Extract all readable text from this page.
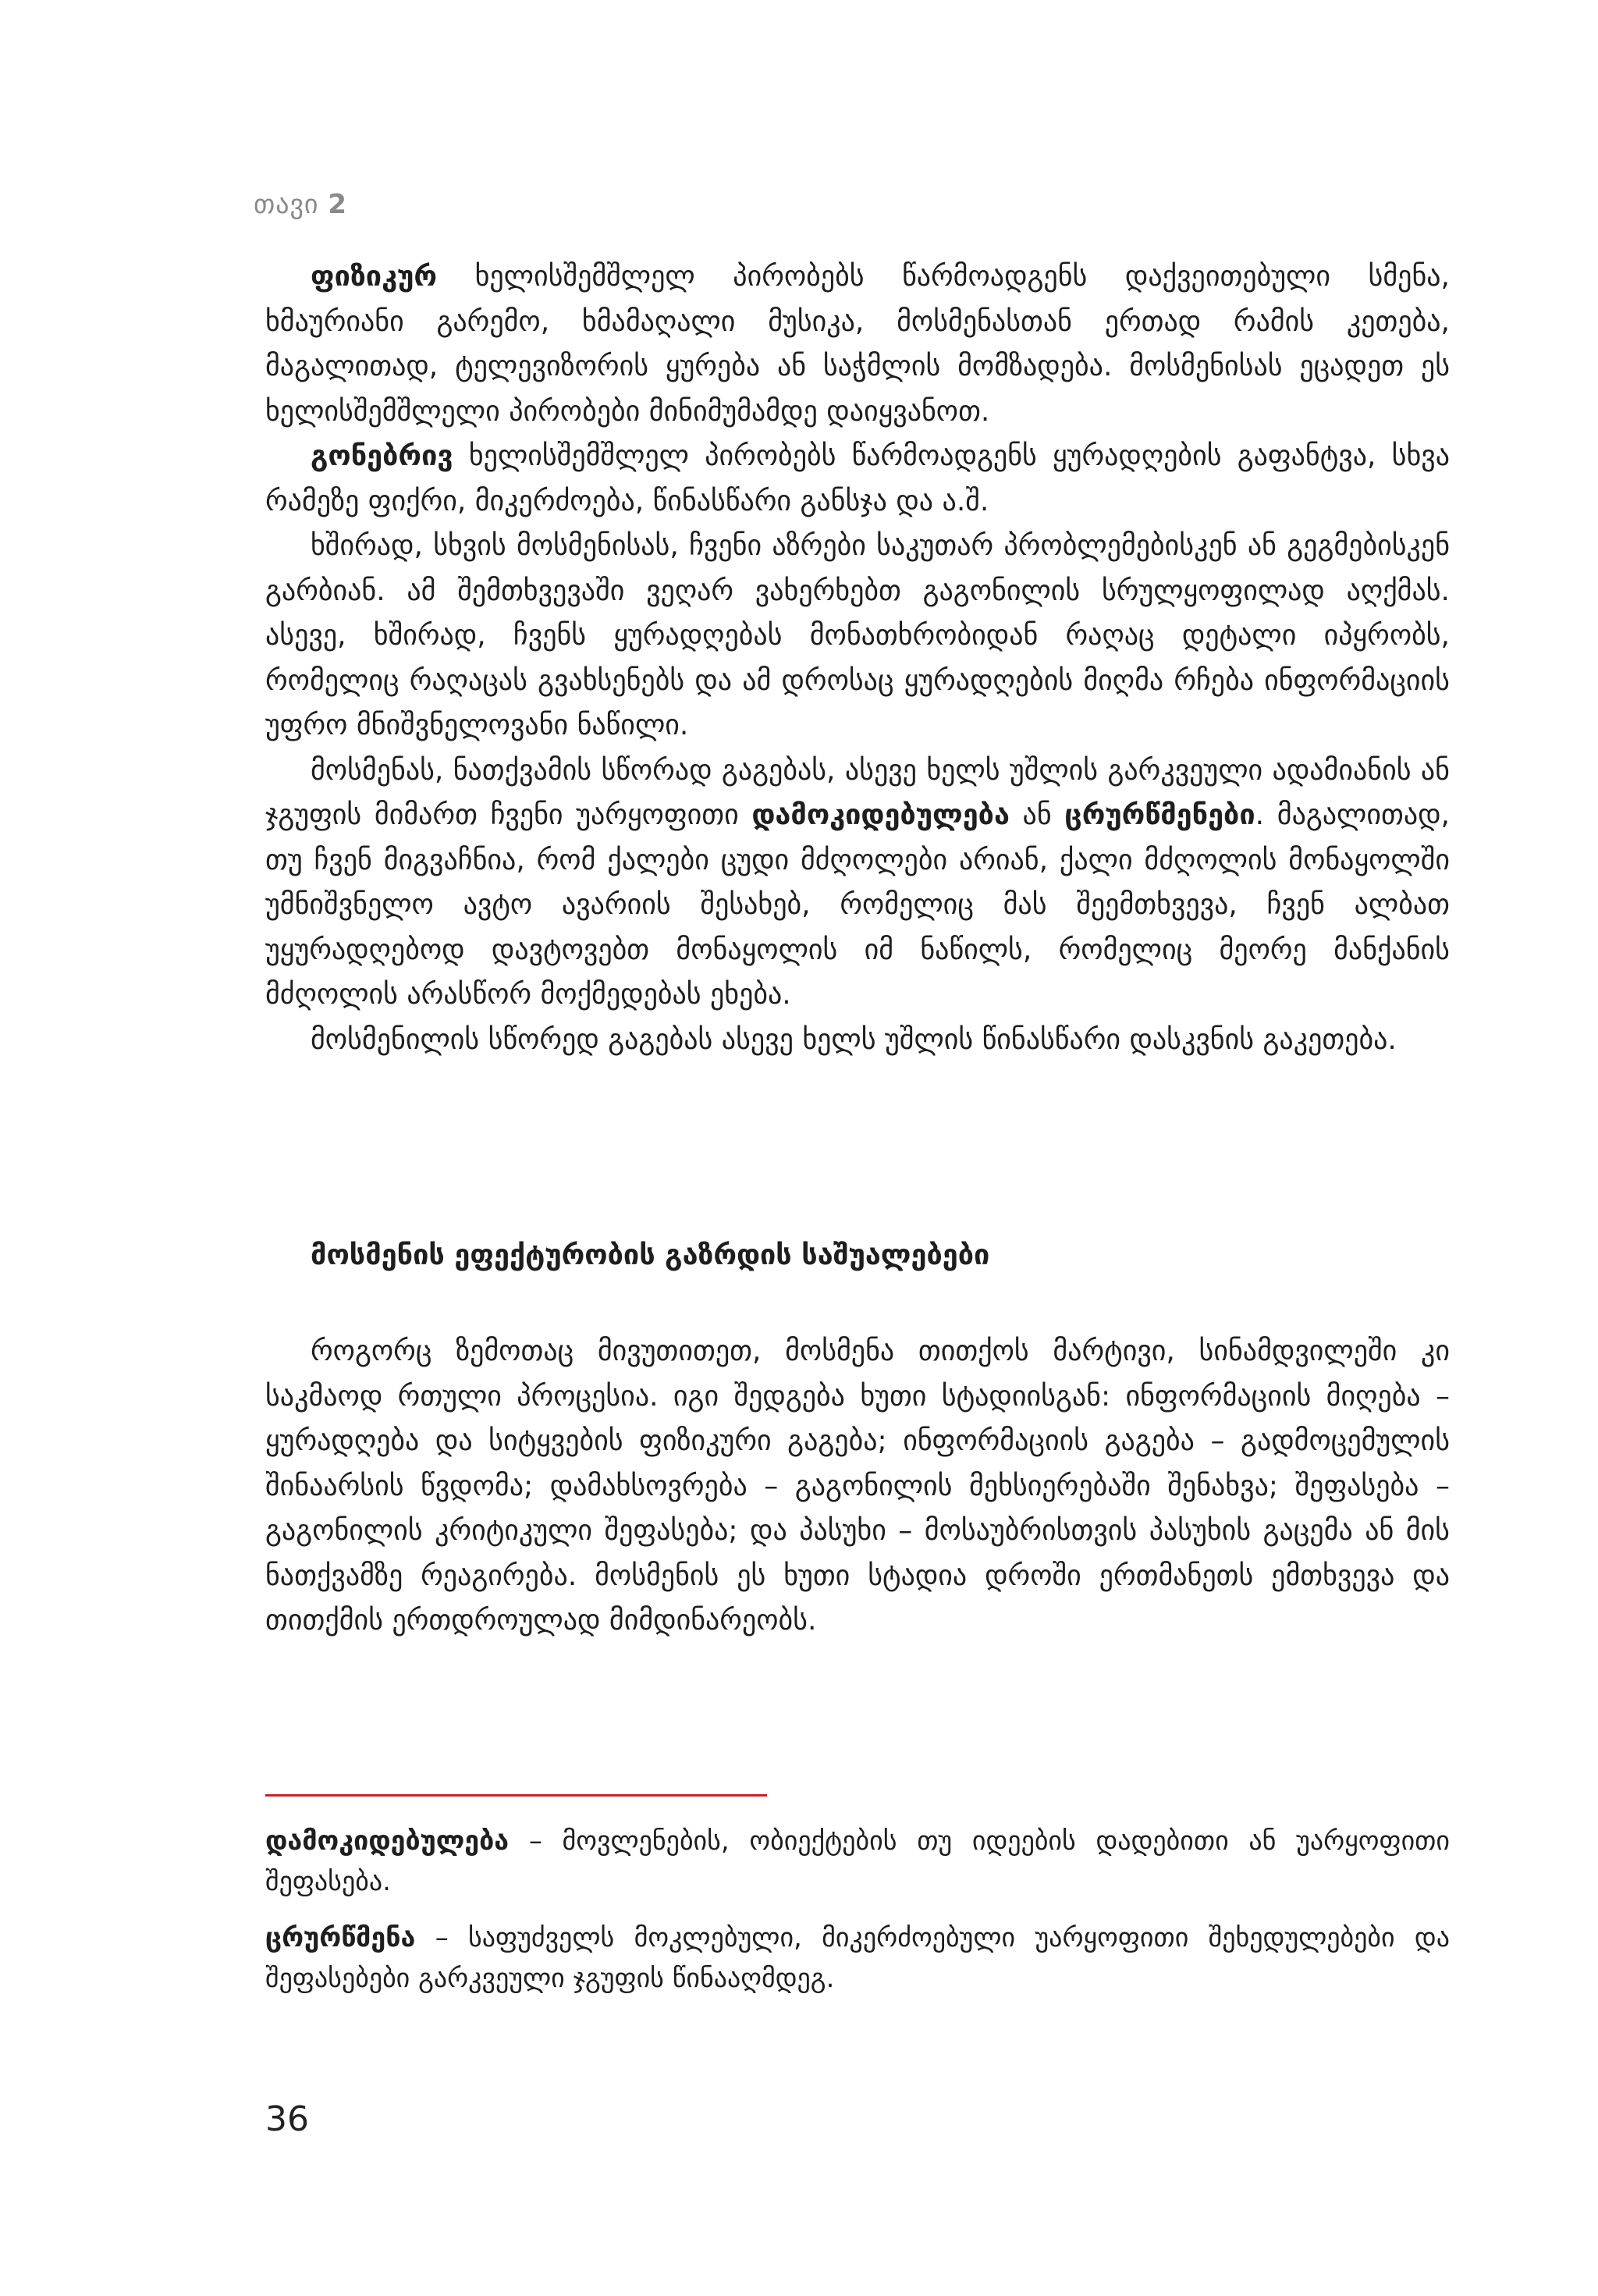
თავი 2

ფიზიკურ ხელისშემშლელ პირობებს წარმოადგენს დაქვეითებული სმენა, ხმაურიანი გარემო, ხმამაღალი მუსიკა, მოსმენასთან ერთად რამის კეთება, მაგალითად, ტელევიზორის ყურება ან საჭმლის მომზადება. მოსმენისას ეცადეთ ეს ხელისშემშლელი პირობები მინიმუმამდე დაიყვანოთ.

გონებრივ ხელისშემშლელ პირობებს წარმოადგენს ყურადღების გაფანტვა, სხვა რამეზე ფიქრი, მიკერძოება, წინასწარი განსჯა და ა.შ.

ხშირად, სხვის მოსმენისას, ჩვენი აზრები საკუთარ პრობლემებისკენ ან გეგმებისკენ გარბიან. ამ შემთხვევაში ვეღარ ვახერხებთ გაგონილის სრულყოფილად აღქმას. ასევე, ხშირად, ჩვენს ყურადღებას მონათხრობიდან რაღაც დეტალი იპყრობს, რომელიც რაღაცას გვახსენებს და ამ დროსაც ყურადღების მიღმა რჩება ინფორმაციის უფრო მნიშვნელოვანი ნაწილი.

მოსმენას, ნათქვამის სწორად გაგებას, ასევე ხელს უშლის გარკვეული ადამიანის ან ჯგუფის მიმართ ჩვენი უარყოფითი დამოკიდებულება ან ცრურწმენები. მაგალითად, თუ ჩვენ მიგვაჩნია, რომ ქალები ცუდი მძღოლები არიან, ქალი მძღოლის მონაყოლში უმნიშვნელო ავტო ავარიის შესახებ, რომელიც მას შეემთხვევა, ჩვენ ალბათ უყურადღებოდ დავტოვებთ მონაყოლის იმ ნაწილს, რომელიც მეორე მანქანის მძღოლის არასწორ მოქმედებას ეხება.

მოსმენილის სწორედ გაგებას ასევე ხელს უშლის წინასწარი დასკვნის გაკეთება.

მოსმენის ეფექტურობის გაზრდის საშუალებები

როგორც ზემოთაც მივუთითეთ, მოსმენა თითქოს მარტივი, სინამდვილეში კი საკმაოდ რთული პროცესია. იგი შედგება ხუთი სტადიისგან: ინფორმაციის მიღება – ყურადღება და სიტყვების ფიზიკური გაგება; ინფორმაციის გაგება – გადმოცემულის შინაარსის წვდომა; დამახსოვრება – გაგონილის მეხსიერებაში შენახვა; შეფასება – გაგონილის კრიტიკული შეფასება; და პასუხი – მოსაუბრისთვის პასუხის გაცემა ან მის ნათქვამზე რეაგირება. მოსმენის ეს ხუთი სტადია დროში ერთმანეთს ემთხვევა და თითქმის ერთდროულად მიმდინარეობს.

დამოკიდებულება – მოვლენების, ობიექტების თუ იდეების დადებითი ან უარყოფითი შეფასება.

ცრურწმენა – საფუძველს მოკლებული, მიკერძოებული უარყოფითი შეხედულებები და შეფასებები გარკვეული ჯგუფის წინააღმდეგ.

36
